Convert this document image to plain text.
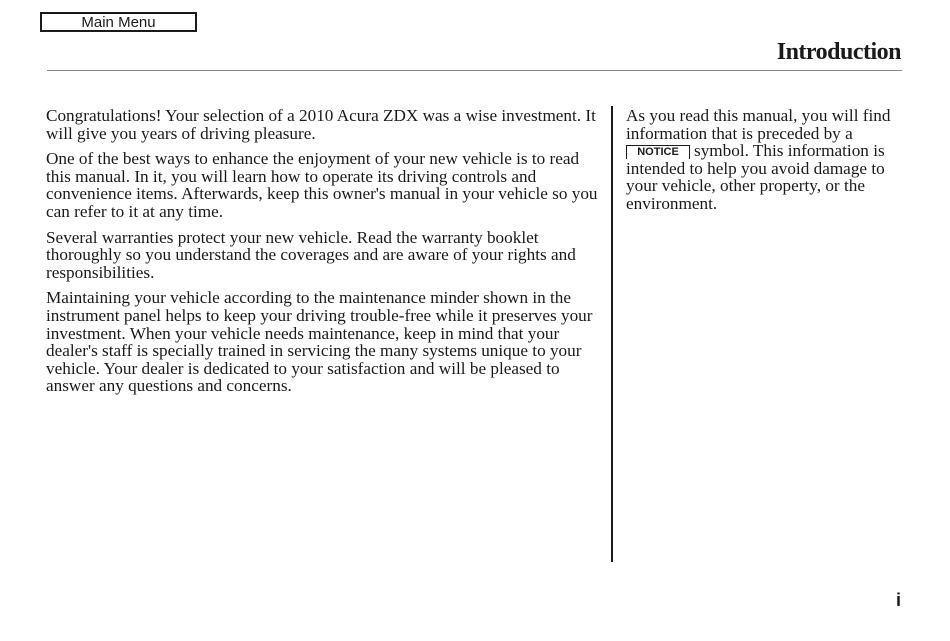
Main Menu
Introduction

Congratulations! Your selection of a 2010 Acura ZDX was a wise investment. It will give you years of driving pleasure.

One of the best ways to enhance the enjoyment of your new vehicle is to read this manual. In it, you will learn how to operate its driving controls and convenience items. Afterwards, keep this owner's manual in your vehicle so you can refer to it at any time.

Several warranties protect your new vehicle. Read the warranty booklet thoroughly so you understand the coverages and are aware of your rights and responsibilities.

Maintaining your vehicle according to the maintenance minder shown in the instrument panel helps to keep your driving trouble-free while it preserves your investment. When your vehicle needs maintenance, keep in mind that your dealer's staff is specially trained in servicing the many systems unique to your vehicle. Your dealer is dedicated to your satisfaction and will be pleased to answer any questions and concerns.

As you read this manual, you will find information that is preceded by a NOTICE symbol. This information is intended to help you avoid damage to your vehicle, other property, or the environment.

i
